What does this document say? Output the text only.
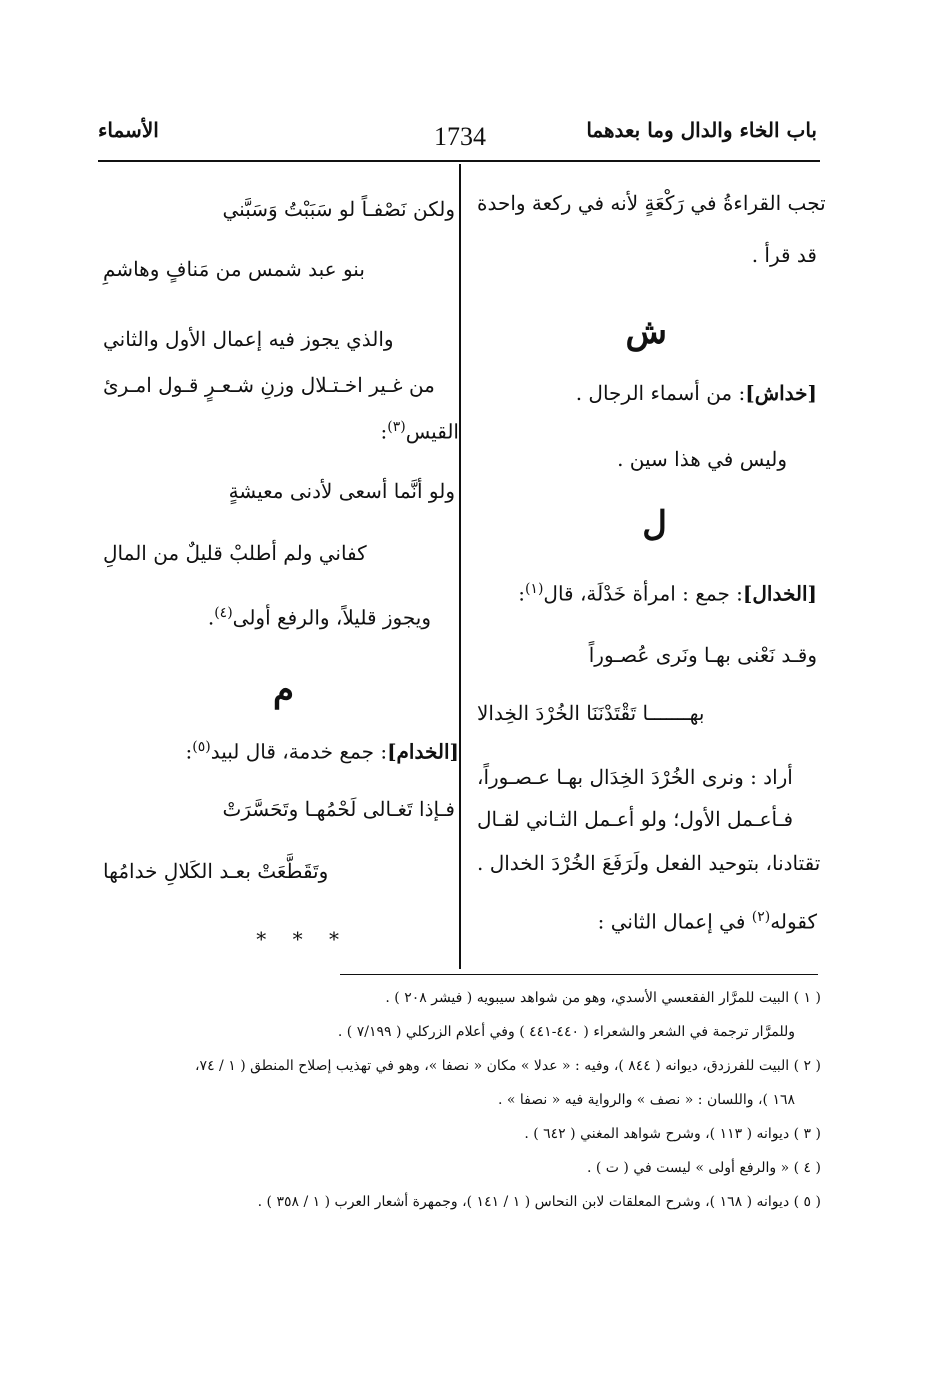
باب الخاء والدال وما بعدهما
1734
الأسماء
تجب القراءةُ في رَكْعَةٍ لأنه في ركعة واحدة
قد قرأ .
ش
[خداش]: من أسماء الرجال .
وليس في هذا سين .
ل
[الخدال]: جمع : امرأة خَدْلَة، قال$^{(١)}$:
وقـد نَعْنى بهـا ونَرى عُصـوراً
بهـــــــا تَقْتَدْنَنَا الخُرْدَ الخِدالا
أراد : ونرى الخُرْدَ الخِدَال بهـا عـصـوراً،
فـأعـمل الأول؛ ولو أعـمل الثـاني لقـال
تقتادنا، بتوحيد الفعل ولَرَفَعَ الخُرْدَ الخدال .
كقوله$^{(٢)}$ في إعمال الثاني :
ولكن نَصْفـاً لو سَبَبْتُ وَسَبَّني
بنو عبد شمس من مَنافٍ وهاشمِ
والذي يجوز فيه إعمال الأول والثاني
من غـير اخـتـلال وزنِ شـعـرٍ قـول امـرئ
القيس$^{(٣)}$:
ولو أنَّما أسعى لأدنى معيشةٍ
كفاني ولم أطلبْ قليلٌ من المالِ
ويجوز قليلاً، والرفع أولى$^{(٤)}$.
م
[الخدام]: جمع خدمة، قال لبيد$^{(٥)}$:
فـإذا تَغـالى لَحْمُهـا وتَحَسَّرَتْ
وتَقَطَّعَتْ بعـد الكَلالِ خدامُها
* * *
( ١ ) البيت للمرَّار الفقعسي الأسدي، وهو من شواهد سيبويه ( فيشر ٢٠٨ ) .
وللمرَّار ترجمة في الشعر والشعراء ( ٤٤٠-٤٤١ ) وفي أعلام الزركلي ( ٧/١٩٩ ) .
( ٢ ) البيت للفرزدق، ديوانه ( ٨٤٤ )، وفيه : « عدلا » مكان « نصفا »، وهو في تهذيب إصلاح المنطق ( ١ / ٧٤،
١٦٨ )، واللسان : « نصف » والرواية فيه « نصفا » .
( ٣ ) ديوانه ( ١١٣ )، وشرح شواهد المغني ( ٦٤٢ ) .
( ٤ ) « والرفع أولى » ليست في ( ت ) .
( ٥ ) ديوانه ( ١٦٨ )، وشرح المعلقات لابن النحاس ( ١ / ١٤١ )، وجمهرة أشعار العرب ( ١ / ٣٥٨ ) .
